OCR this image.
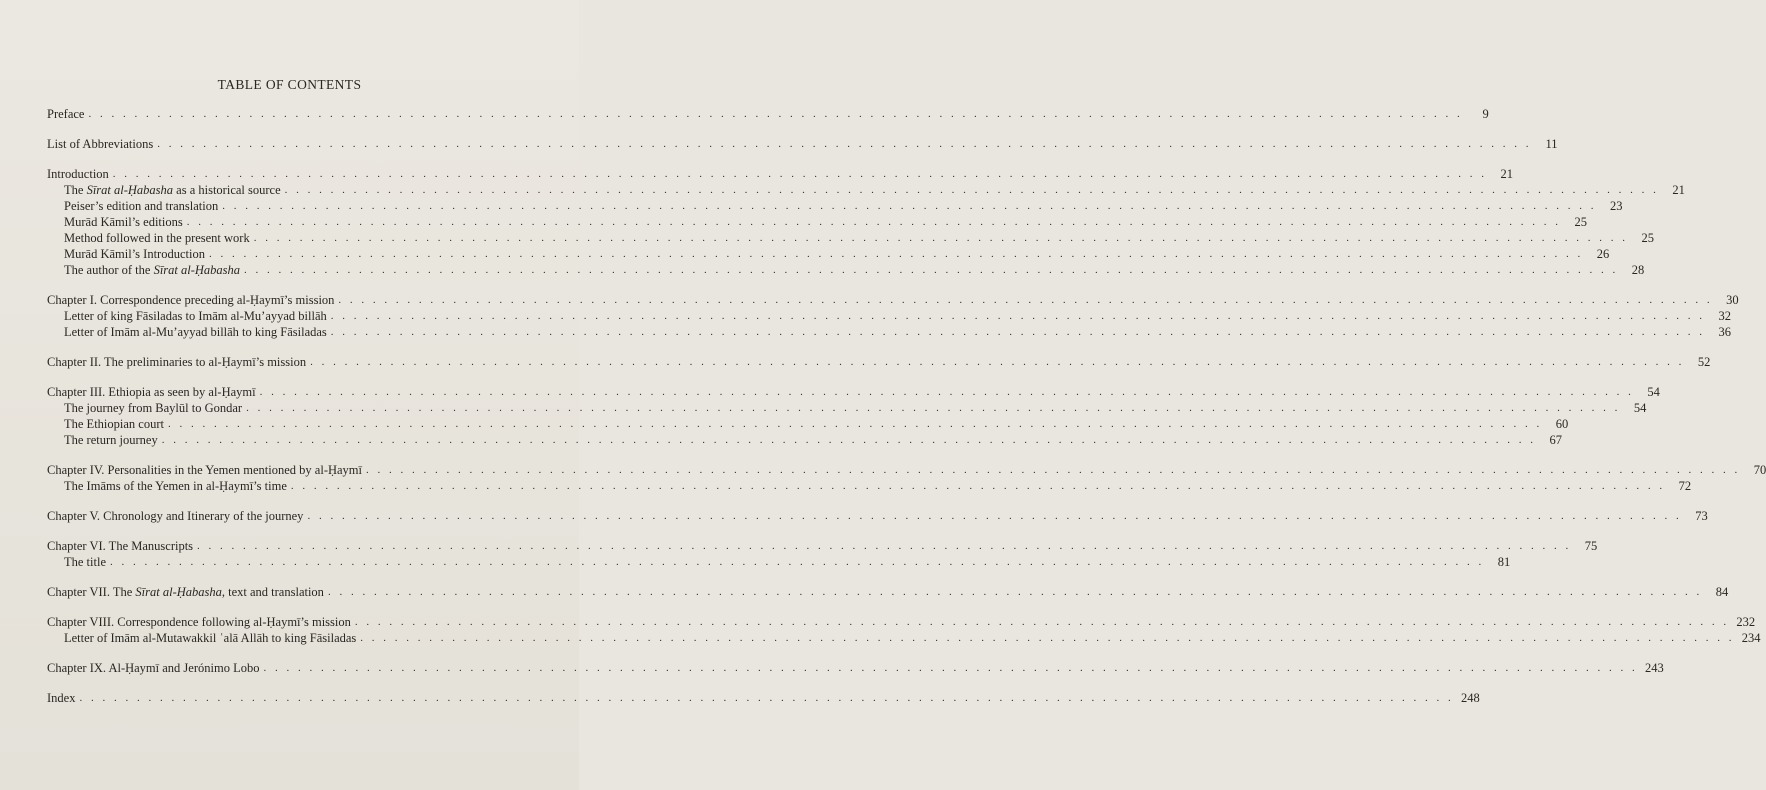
TABLE OF CONTENTS
Preface . . . . . . . . . . . . . . . . . . . . . . . . . . . . . . . . . . . . . . . . . . . . . . . . . . . . . . . . . . . . . . . . . . . . . . . . . . . . . . . . . . . . . . . . . . . . . . . . . . . . . . . . . . . . . . . . . . . . . . . .	9
List of Abbreviations . . . . . . . . . . . . . . . . . . . . . . . . . . . . . . . . . . . . . . . . . . . . . . . . . . . . . . . . . . . . . . . . . . . . . . . . . . . . . . . . . . . . . . . . . . . . . . . . . . . . . . . . . . . . . . . . . . . . . . . .	11
Introduction . . . . . . . . . . . . . . . . . . . . . . . . . . . . . . . . . . . . . . . . . . . . . . . . . . . . . . . . . . . . . . . . . . . . . . . . . . . . . . . . . . . . . . . . . . . . . . . . . . . . . . . . . . . . . . . . . . . . . . . .	21
The Sīrat al-Ḥabasha as a historical source . . . . . . . . . . . . . . . . . . . . . . . . . . . . . . . . . . . . . . . . . . . . . . . . . . . . . . . . . . . . . . . . . . . . . . . . . . . . . . . . . . . . . . . . . . . . . . . . . . . . . . . . . . . . . . . . . . . . . . . .	21
Peiser’s edition and translation . . . . . . . . . . . . . . . . . . . . . . . . . . . . . . . . . . . . . . . . . . . . . . . . . . . . . . . . . . . . . . . . . . . . . . . . . . . . . . . . . . . . . . . . . . . . . . . . . . . . . . . . . . . . . . . . . . . . . . . .	23
Murād Kāmil’s editions . . . . . . . . . . . . . . . . . . . . . . . . . . . . . . . . . . . . . . . . . . . . . . . . . . . . . . . . . . . . . . . . . . . . . . . . . . . . . . . . . . . . . . . . . . . . . . . . . . . . . . . . . . . . . . . . . . . . . . . .	25
Method followed in the present work . . . . . . . . . . . . . . . . . . . . . . . . . . . . . . . . . . . . . . . . . . . . . . . . . . . . . . . . . . . . . . . . . . . . . . . . . . . . . . . . . . . . . . . . . . . . . . . . . . . . . . . . . . . . . . . . . . . . . . . .	25
Murād Kāmil’s Introduction . . . . . . . . . . . . . . . . . . . . . . . . . . . . . . . . . . . . . . . . . . . . . . . . . . . . . . . . . . . . . . . . . . . . . . . . . . . . . . . . . . . . . . . . . . . . . . . . . . . . . . . . . . . . . . . . . . . . . . . .	26
The author of the Sīrat al-Ḥabasha . . . . . . . . . . . . . . . . . . . . . . . . . . . . . . . . . . . . . . . . . . . . . . . . . . . . . . . . . . . . . . . . . . . . . . . . . . . . . . . . . . . . . . . . . . . . . . . . . . . . . . . . . . . . . . . . . . . . . . . .	28
Chapter I. Correspondence preceding al-Ḥaymī’s mission . . . . . . . . . . . . . . . . . . . . . . . . . . . . . . . . . . . . . . . . . . . . . . . . . . . . . . . . . . . . . . . . . . . . . . . . . . . . . . . . . . . . . . . . . . . . . . . . . . . . . . . . . . . . . . . . . . . . . . . .	30
Letter of king Fāsiladas to Imām al-Mu’ayyad billāh . . . . . . . . . . . . . . . . . . . . . . . . . . . . . . . . . . . . . . . . . . . . . . . . . . . . . . . . . . . . . . . . . . . . . . . . . . . . . . . . . . . . . . . . . . . . . . . . . . . . . . . . . . . . . . . . . . . . . . . .	32
Letter of Imām al-Mu’ayyad billāh to king Fāsiladas . . . . . . . . . . . . . . . . . . . . . . . . . . . . . . . . . . . . . . . . . . . . . . . . . . . . . . . . . . . . . . . . . . . . . . . . . . . . . . . . . . . . . . . . . . . . . . . . . . . . . . . . . . . . . . . . . . . . . . . .	36
Chapter II. The preliminaries to al-Ḥaymī’s mission . . . . . . . . . . . . . . . . . . . . . . . . . . . . . . . . . . . . . . . . . . . . . . . . . . . . . . . . . . . . . . . . . . . . . . . . . . . . . . . . . . . . . . . . . . . . . . . . . . . . . . . . . . . . . . . . . . . . . . . .	52
Chapter III. Ethiopia as seen by al-Ḥaymī . . . . . . . . . . . . . . . . . . . . . . . . . . . . . . . . . . . . . . . . . . . . . . . . . . . . . . . . . . . . . . . . . . . . . . . . . . . . . . . . . . . . . . . . . . . . . . . . . . . . . . . . . . . . . . . . . . . . . . . .	54
The journey from Baylūl to Gondar . . . . . . . . . . . . . . . . . . . . . . . . . . . . . . . . . . . . . . . . . . . . . . . . . . . . . . . . . . . . . . . . . . . . . . . . . . . . . . . . . . . . . . . . . . . . . . . . . . . . . . . . . . . . . . . . . . . . . . . .	54
The Ethiopian court . . . . . . . . . . . . . . . . . . . . . . . . . . . . . . . . . . . . . . . . . . . . . . . . . . . . . . . . . . . . . . . . . . . . . . . . . . . . . . . . . . . . . . . . . . . . . . . . . . . . . . . . . . . . . . . . . . . . . . . .	60
The return journey . . . . . . . . . . . . . . . . . . . . . . . . . . . . . . . . . . . . . . . . . . . . . . . . . . . . . . . . . . . . . . . . . . . . . . . . . . . . . . . . . . . . . . . . . . . . . . . . . . . . . . . . . . . . . . . . . . . . . . . .	67
Chapter IV. Personalities in the Yemen mentioned by al-Ḥaymī . . . . . . . . . . . . . . . . . . . . . . . . . . . . . . . . . . . . . . . . . . . . . . . . . . . . . . . . . . . . . . . . . . . . . . . . . . . . . . . . . . . . . . . . . . . . . . . . . . . . . . . . . . . . . . . . . . . . . . . .	70
The Imāms of the Yemen in al-Ḥaymī’s time . . . . . . . . . . . . . . . . . . . . . . . . . . . . . . . . . . . . . . . . . . . . . . . . . . . . . . . . . . . . . . . . . . . . . . . . . . . . . . . . . . . . . . . . . . . . . . . . . . . . . . . . . . . . . . . . . . . . . . . .	72
Chapter V. Chronology and Itinerary of the journey . . . . . . . . . . . . . . . . . . . . . . . . . . . . . . . . . . . . . . . . . . . . . . . . . . . . . . . . . . . . . . . . . . . . . . . . . . . . . . . . . . . . . . . . . . . . . . . . . . . . . . . . . . . . . . . . . . . . . . . .	73
Chapter VI. The Manuscripts . . . . . . . . . . . . . . . . . . . . . . . . . . . . . . . . . . . . . . . . . . . . . . . . . . . . . . . . . . . . . . . . . . . . . . . . . . . . . . . . . . . . . . . . . . . . . . . . . . . . . . . . . . . . . . . . . . . . . . . .	75
The title . . . . . . . . . . . . . . . . . . . . . . . . . . . . . . . . . . . . . . . . . . . . . . . . . . . . . . . . . . . . . . . . . . . . . . . . . . . . . . . . . . . . . . . . . . . . . . . . . . . . . . . . . . . . . . . . . . . . . . . .	81
Chapter VII. The Sīrat al-Ḥabasha, text and translation . . . . . . . . . . . . . . . . . . . . . . . . . . . . . . . . . . . . . . . . . . . . . . . . . . . . . . . . . . . . . . . . . . . . . . . . . . . . . . . . . . . . . . . . . . . . . . . . . . . . . . . . . . . . . . . . . . . . . . . .	84
Chapter VIII. Correspondence following al-Ḥaymī’s mission . . . . . . . . . . . . . . . . . . . . . . . . . . . . . . . . . . . . . . . . . . . . . . . . . . . . . . . . . . . . . . . . . . . . . . . . . . . . . . . . . . . . . . . . . . . . . . . . . . . . . . . . . . . . . . . . . . . . . . . . 232
Letter of Imām al-Mutawakkil ʿalā Allāh to king Fāsiladas . . . . . . . . . . . . . . . . . . . . . . . . . . . . . . . . . . . . . . . . . . . . . . . . . . . . . . . . . . . . . . . . . . . . . . . . . . . . . . . . . . . . . . . . . . . . . . . . . . . . . . . . . . . . . . . . . . . . . . . . 234
Chapter IX. Al-Ḥaymī and Jerónimo Lobo . . . . . . . . . . . . . . . . . . . . . . . . . . . . . . . . . . . . . . . . . . . . . . . . . . . . . . . . . . . . . . . . . . . . . . . . . . . . . . . . . . . . . . . . . . . . . . . . . . . . . . . . . . . . . . . . . . . . . . . . 243
Index . . . . . . . . . . . . . . . . . . . . . . . . . . . . . . . . . . . . . . . . . . . . . . . . . . . . . . . . . . . . . . . . . . . . . . . . . . . . . . . . . . . . . . . . . . . . . . . . . . . . . . . . . . . . . . . . . . . . . . . . 248
